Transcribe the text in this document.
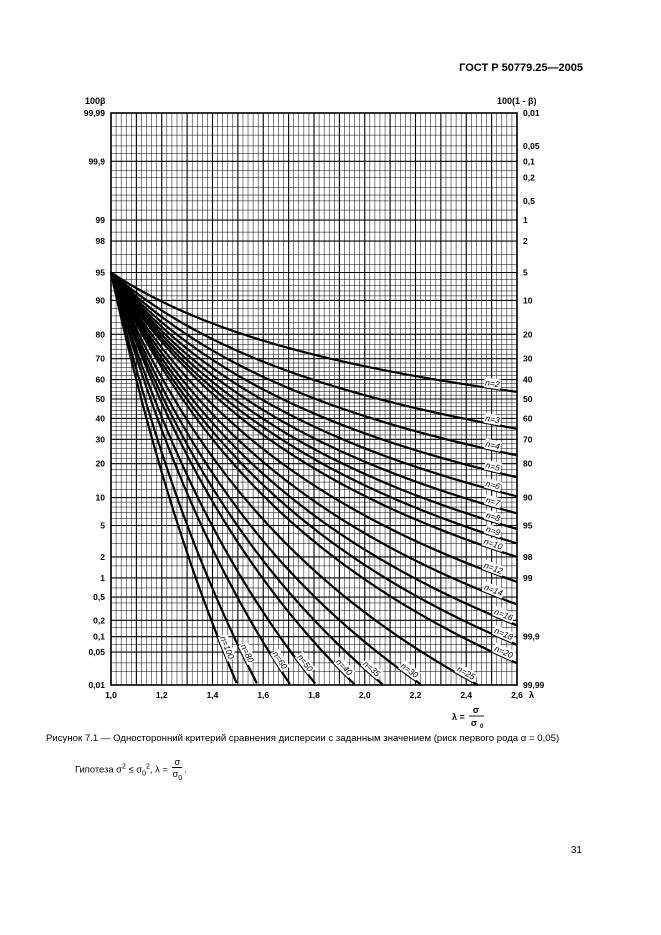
ГОСТ Р 50779.25—2005
n=2
n=3
n=4
n=5
n=6
n=7
n=8
n=9
n=10
n=12
n=14
n=16
n=18
n=20
n=25
n=30
n=35
n=40
n=50
n=60
n=80
n=100
99,99
99,9
99
98
95
90
80
70
60
50
40
30
20
10
5
2
1
0,5
0,2
0,1
0,05
0,01
0,01
0,05
0,1
0,2
0,5
1
2
5
10
20
30
40
50
60
70
80
90
95
98
99
99,9
99,99
1,0	1,2	1,4	1,6	1,8	2,0	2,2	2,4	2,6 λ
100β	100(1 - β)
λ =
σ
σ 0
Рисунок 7.1 — Односторонний критерий сравнения дисперсии с заданным значением (риск первого рода α = 0,05)
Гипотеза $\sigma^2 \le \sigma_0^2$, $\lambda = \frac{\sigma}{\sigma_0}$ .
31
